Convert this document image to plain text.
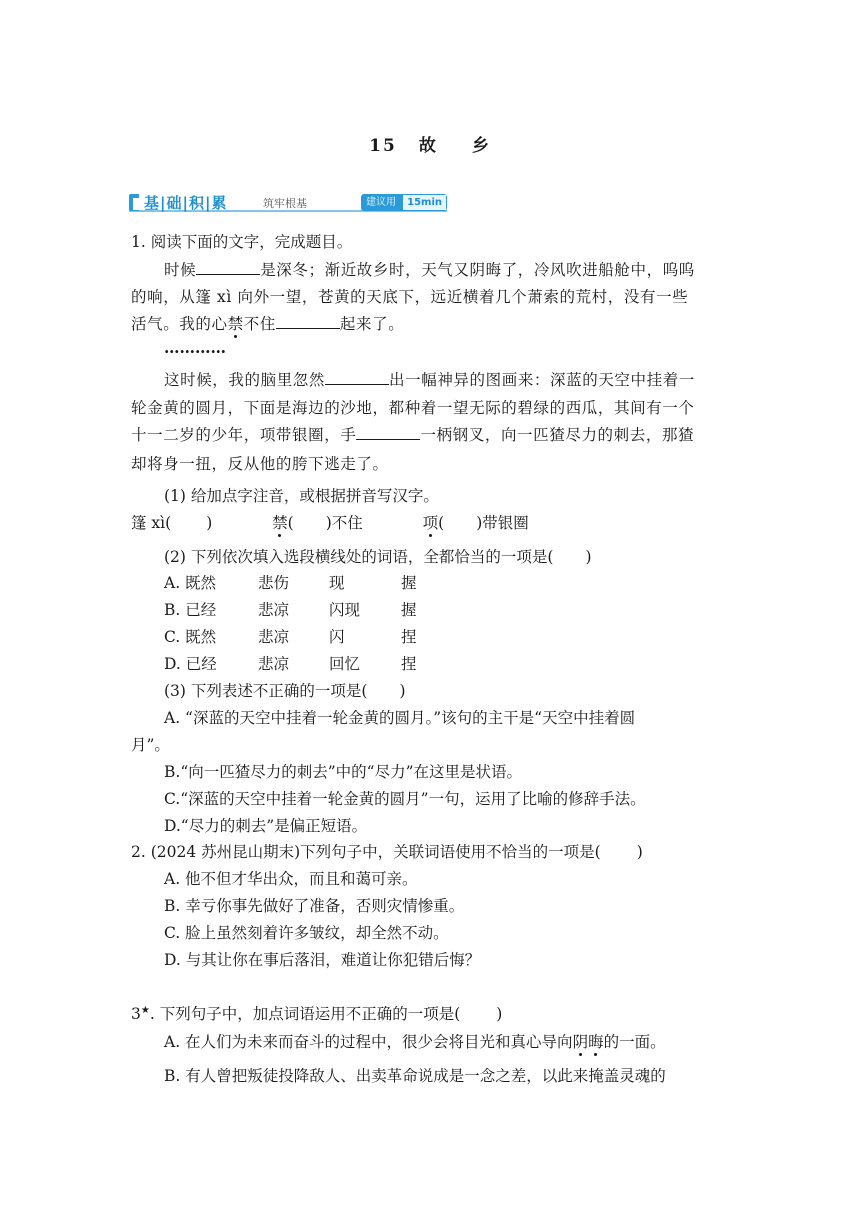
15 故 乡
基|础|积|累	筑牢根基	建议用时
15min
1. 阅读下面的文字，完成题目。
时候	是深冬；渐近故乡时，天气又阴晦了，冷风吹进船舱中，呜呜
的响，从篷 xì 向外一望，苍黄的天底下，远近横着几个萧索的荒村，没有一些
活气。我的心禁不住	起来了。
…………
这时候，我的脑里忽然	出一幅神异的图画来：深蓝的天空中挂着一
轮金黄的圆月，下面是海边的沙地，都种着一望无际的碧绿的西瓜，其间有一个
十一二岁的少年，项带银圈，手	一柄钢叉，向一匹猹尽力的刺去，那猹
却将身一扭，反从他的胯下逃走了。
(1) 给加点字注音，或根据拼音写汉字。
篷 xì( )	禁( )不住	项( )带银圈
(2) 下列依次填入选段横线处的词语，全都恰当的一项是( )
A. 既然	悲伤	现	握
B. 已经	悲凉	闪现	握
C. 既然	悲凉	闪	捏
D. 已经	悲凉	回忆	捏
(3) 下列表述不正确的一项是( )
A. “深蓝的天空中挂着一轮金黄的圆月。”该句的主干是“天空中挂着圆
月”。
B.“向一匹猹尽力的刺去”中的“尽力”在这里是状语。
C.“深蓝的天空中挂着一轮金黄的圆月”一句，运用了比喻的修辞手法。
D.“尽力的刺去”是偏正短语。
2. (2024 苏州昆山期末)下列句子中，关联词语使用不恰当的一项是( )
A. 他不但才华出众，而且和蔼可亲。
B. 幸亏你事先做好了准备，否则灾情惨重。
C. 脸上虽然刻着许多皱纹，却全然不动。
D. 与其让你在事后落泪，难道让你犯错后悔？
3★. 下列句子中，加点词语运用不正确的一项是( )
A. 在人们为未来而奋斗的过程中，很少会将目光和真心导向阴晦的一面。
B. 有人曾把叛徒投降敌人、出卖革命说成是一念之差，以此来掩盖灵魂的
